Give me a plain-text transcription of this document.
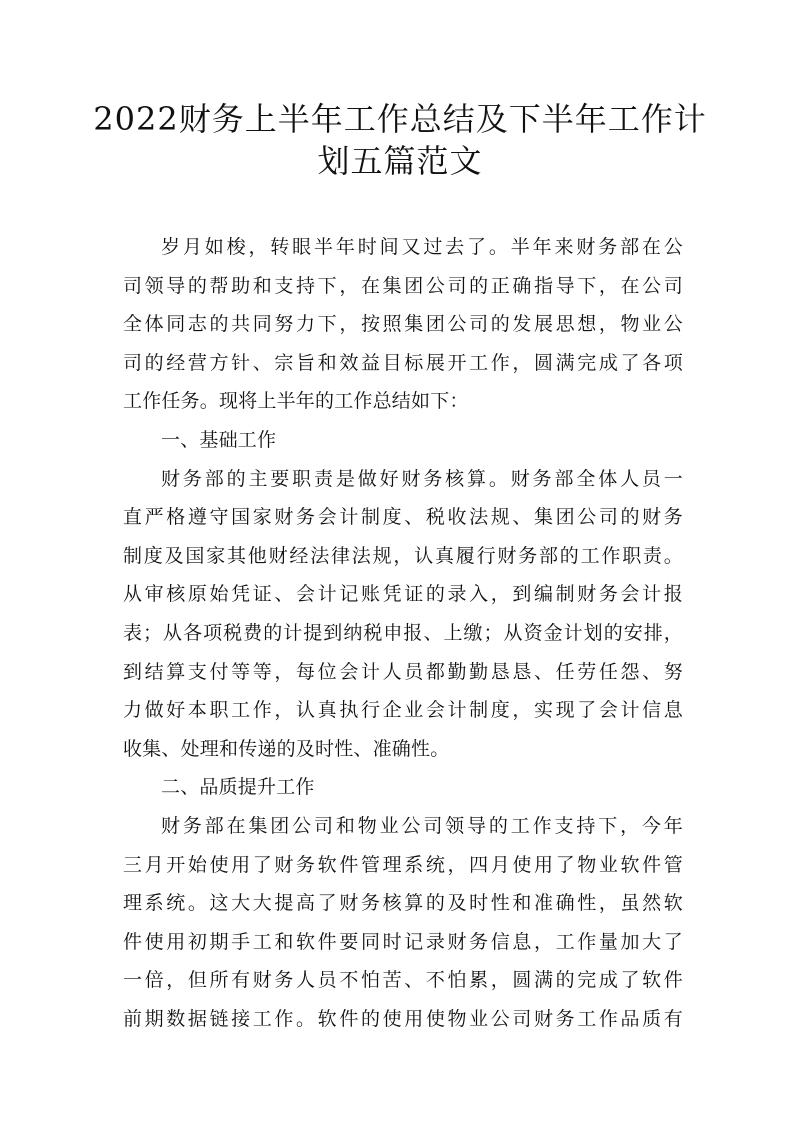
2022财务上半年工作总结及下半年工作计
划五篇范文
岁月如梭，转眼半年时间又过去了。半年来财务部在公
司领导的帮助和支持下，在集团公司的正确指导下，在公司
全体同志的共同努力下，按照集团公司的发展思想，物业公
司的经营方针、宗旨和效益目标展开工作，圆满完成了各项
工作任务。现将上半年的工作总结如下：
一、基础工作
财务部的主要职责是做好财务核算。财务部全体人员一
直严格遵守国家财务会计制度、税收法规、集团公司的财务
制度及国家其他财经法律法规，认真履行财务部的工作职责。
从审核原始凭证、会计记账凭证的录入，到编制财务会计报
表；从各项税费的计提到纳税申报、上缴；从资金计划的安排，
到结算支付等等，每位会计人员都勤勤恳恳、任劳任怨、努
力做好本职工作，认真执行企业会计制度，实现了会计信息
收集、处理和传递的及时性、准确性。
二、品质提升工作
财务部在集团公司和物业公司领导的工作支持下，今年
三月开始使用了财务软件管理系统，四月使用了物业软件管
理系统。这大大提高了财务核算的及时性和准确性，虽然软
件使用初期手工和软件要同时记录财务信息，工作量加大了
一倍，但所有财务人员不怕苦、不怕累，圆满的完成了软件
前期数据链接工作。软件的使用使物业公司财务工作品质有
